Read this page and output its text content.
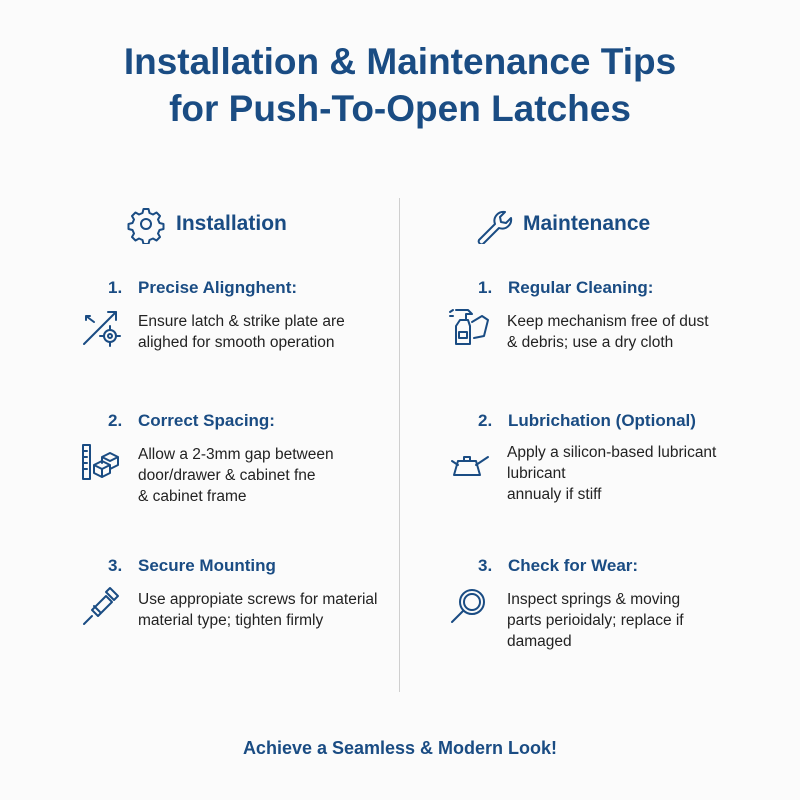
Installation & Maintenance Tips
for Push-To-Open Latches
Installation
1. Precise Alignghent:
Ensure latch & strike plate are
alighed for smooth operation
2. Correct Spacing:
Allow a 2-3mm gap between
door/drawer & cabinet fne
& cabinet frame
3. Secure Mounting
Use appropiate screws for material
material type; tighten firmly
Maintenance
1. Regular Cleaning:
Keep mechanism free of dust
& debris; use a dry cloth
2. Lubrichation (Optional)
Apply a silicon-based lubricant
lubricant
annualy if stiff
3. Check for Wear:
Inspect springs & moving
parts perioidaly; replace if
damaged
Achieve a Seamless & Modern Look!
